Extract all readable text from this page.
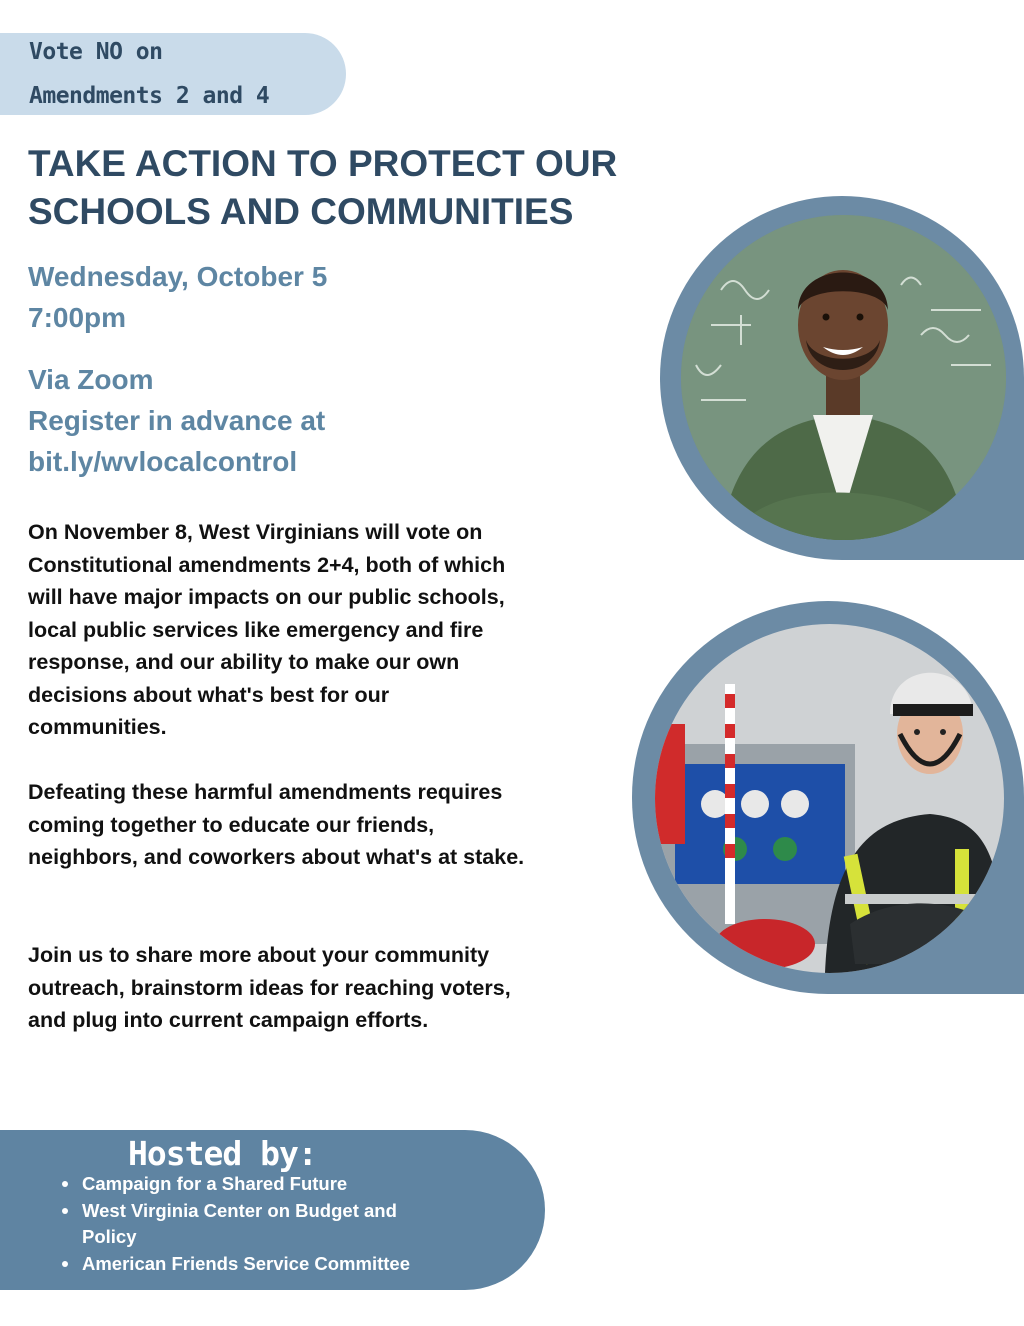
Vote NO on
Amendments 2 and 4
TAKE ACTION TO PROTECT OUR SCHOOLS AND COMMUNITIES
Wednesday, October 5
7:00pm
Via Zoom
Register in advance at
bit.ly/wvlocalcontrol

On November 8, West Virginians will vote on Constitutional amendments 2+4, both of which will have major impacts on our public schools, local public services like emergency and fire response, and our ability to make our own decisions about what's best for our communities.

Defeating these harmful amendments requires coming together to educate our friends, neighbors, and coworkers about what's at stake.

Join us to share more about your community outreach, brainstorm ideas for reaching voters, and plug into current campaign efforts.

Hosted by:
Campaign for a Shared Future
West Virginia Center on Budget and Policy
American Friends Service Committee
